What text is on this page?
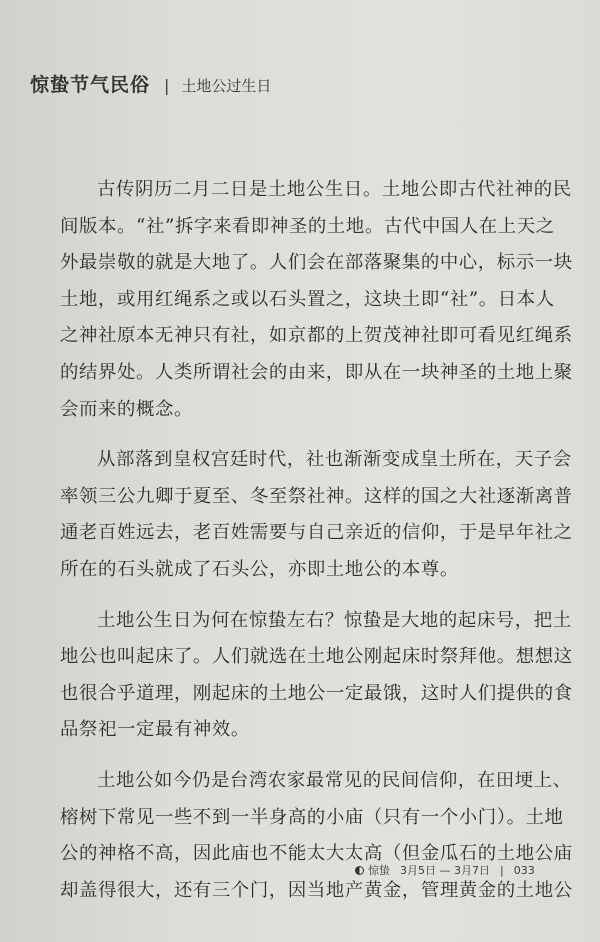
惊蛰节气民俗 | 土地公过生日
古传阴历二月二日是土地公生日。土地公即古代社神的民
间版本。“社”拆字来看即神圣的土地。古代中国人在上天之
外最崇敬的就是大地了。人们会在部落聚集的中心，标示一块
土地，或用红绳系之或以石头置之，这块土即“社”。日本人
之神社原本无神只有社，如京都的上贺茂神社即可看见红绳系
的结界处。人类所谓社会的由来，即从在一块神圣的土地上聚
会而来的概念。
从部落到皇权宫廷时代，社也渐渐变成皇土所在，天子会
率领三公九卿于夏至、冬至祭社神。这样的国之大社逐渐离普
通老百姓远去，老百姓需要与自己亲近的信仰，于是早年社之
所在的石头就成了石头公，亦即土地公的本尊。
土地公生日为何在惊蛰左右？惊蛰是大地的起床号，把土
地公也叫起床了。人们就选在土地公刚起床时祭拜他。想想这
也很合乎道理，刚起床的土地公一定最饿，这时人们提供的食
品祭祀一定最有神效。
土地公如今仍是台湾农家最常见的民间信仰，在田埂上、
榕树下常见一些不到一半身高的小庙（只有一个小门）。土地
公的神格不高，因此庙也不能太大太高（但金瓜石的土地公庙
却盖得很大，还有三个门，因当地产黄金，管理黄金的土地公
惊蛰 3月5日 — 3月7日 | 033
